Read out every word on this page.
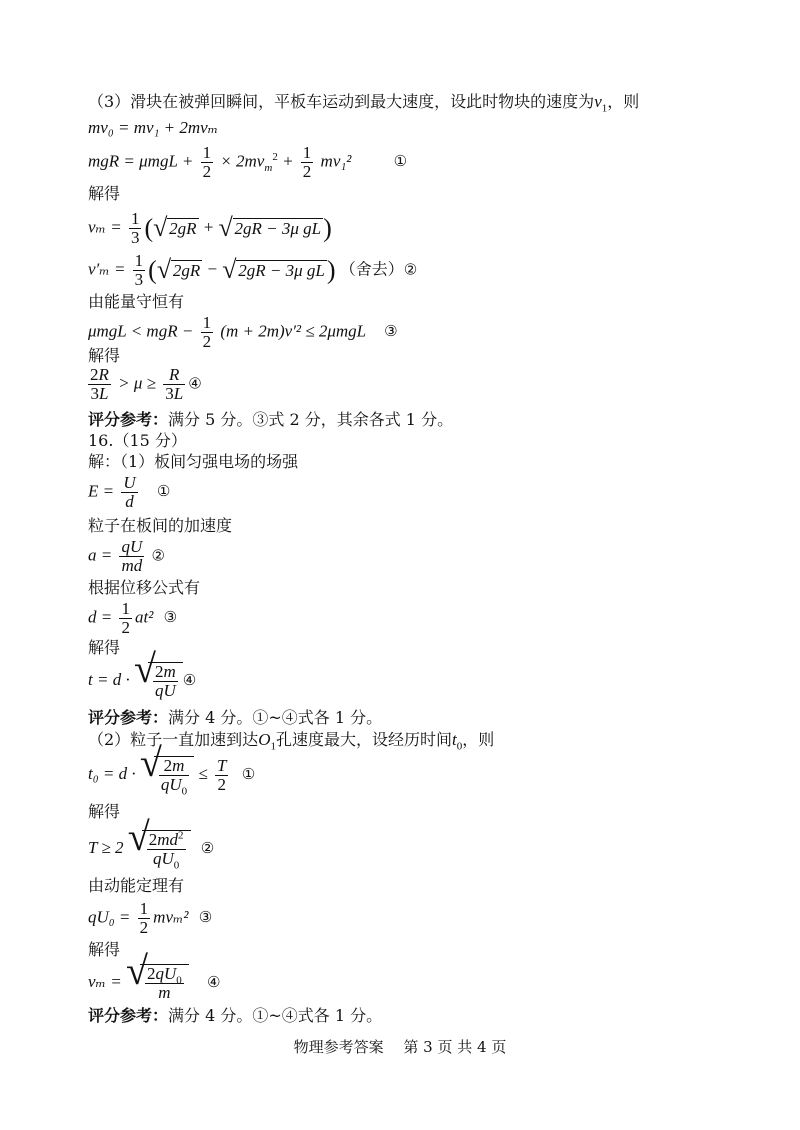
（3）滑块在被弹回瞬间，平板车运动到最大速度，设此时物块的速度为$v_1$，则
mv₀ = mv₁ + 2mvₘ
mgR = $\mu mgL + \frac{1}{2} \times 2mv_m^2 + \frac{1}{2} mv_1^2$	①
解得
$v_m = \frac{1}{3}$ ( √ 2gR + √ 2gR − 3μ gL)
$v'_m = \frac{1}{3}$ ( √ 2gR − √ 2gR − 3μ gL) （舍去）②
由能量守恒有
μmgL < mgR − $\frac{1}{2} (m + 2m)v'^2 \le 2\mu mgL$ ③
解得
$\frac{2R}{3L} > \mu \ge \frac{R}{3L}$ ④
评分参考：满分 5 分。③式 2 分，其余各式 1 分。
16.（15 分）
解：（1）板间匀强电场的场强
$E = \frac{U}{d}$ ①
粒子在板间的加速度
$a = \frac{qU}{md}$ ②
根据位移公式有
$d = \frac{1}{2} at^2$ ③
解得
t = d · √
$\frac{2m}{qU}$ ④
评分参考：满分 4 分。①~④式各 1 分。
（2）粒子一直加速到达$O_1$孔速度最大，设经历时间$t_0$，则
t₀ = d · √
$\frac{2m}{qU_0} \le \frac{T}{2}$ ①
解得
T ≥ 2 √
$\frac{2md^2}{qU_0}$ ②
由动能定理有
$qU_0 = \frac{1}{2} mv_m^2$ ③
解得
vₘ = √
$\frac{2qU_0}{m}$ ④
评分参考：满分 4 分。①~④式各 1 分。
物理参考答案　 第 3 页 共 4 页
